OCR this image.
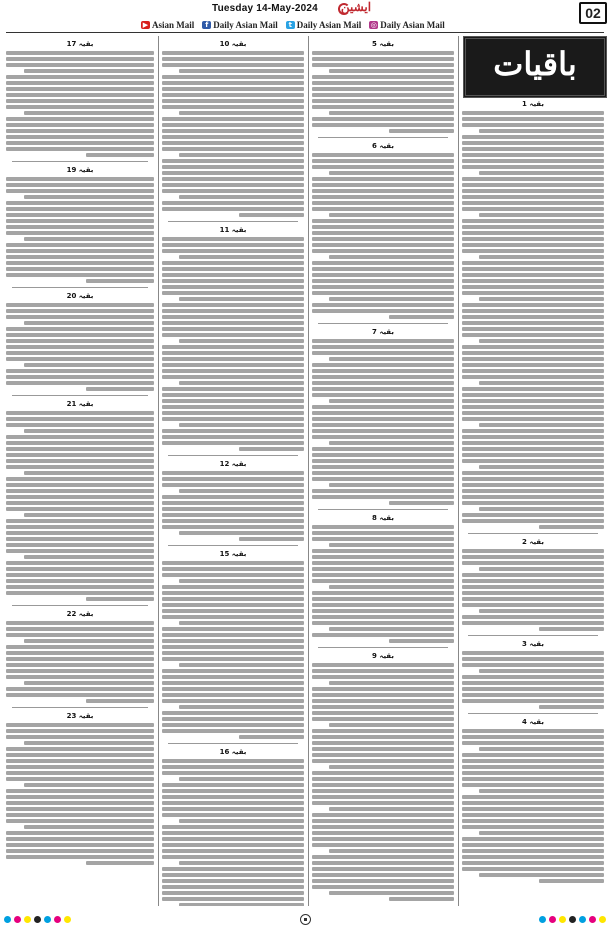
Tuesday 14-May-2024	ایشین	02
▶ Asian Mail	f Daily Asian Mail	t Daily Asian Mail ◎ Daily Asian Mail
باقیات
بقیہ 17
بقیہ 19
بقیہ 20
بقیہ 21
بقیہ 22
بقیہ 23
بقیہ 10
بقیہ 11
بقیہ 12
بقیہ 15
بقیہ 16
بقیہ 5
بقیہ 6
بقیہ 7
بقیہ 8
بقیہ 9
بقیہ 1
بقیہ 2
بقیہ 3
بقیہ 4
